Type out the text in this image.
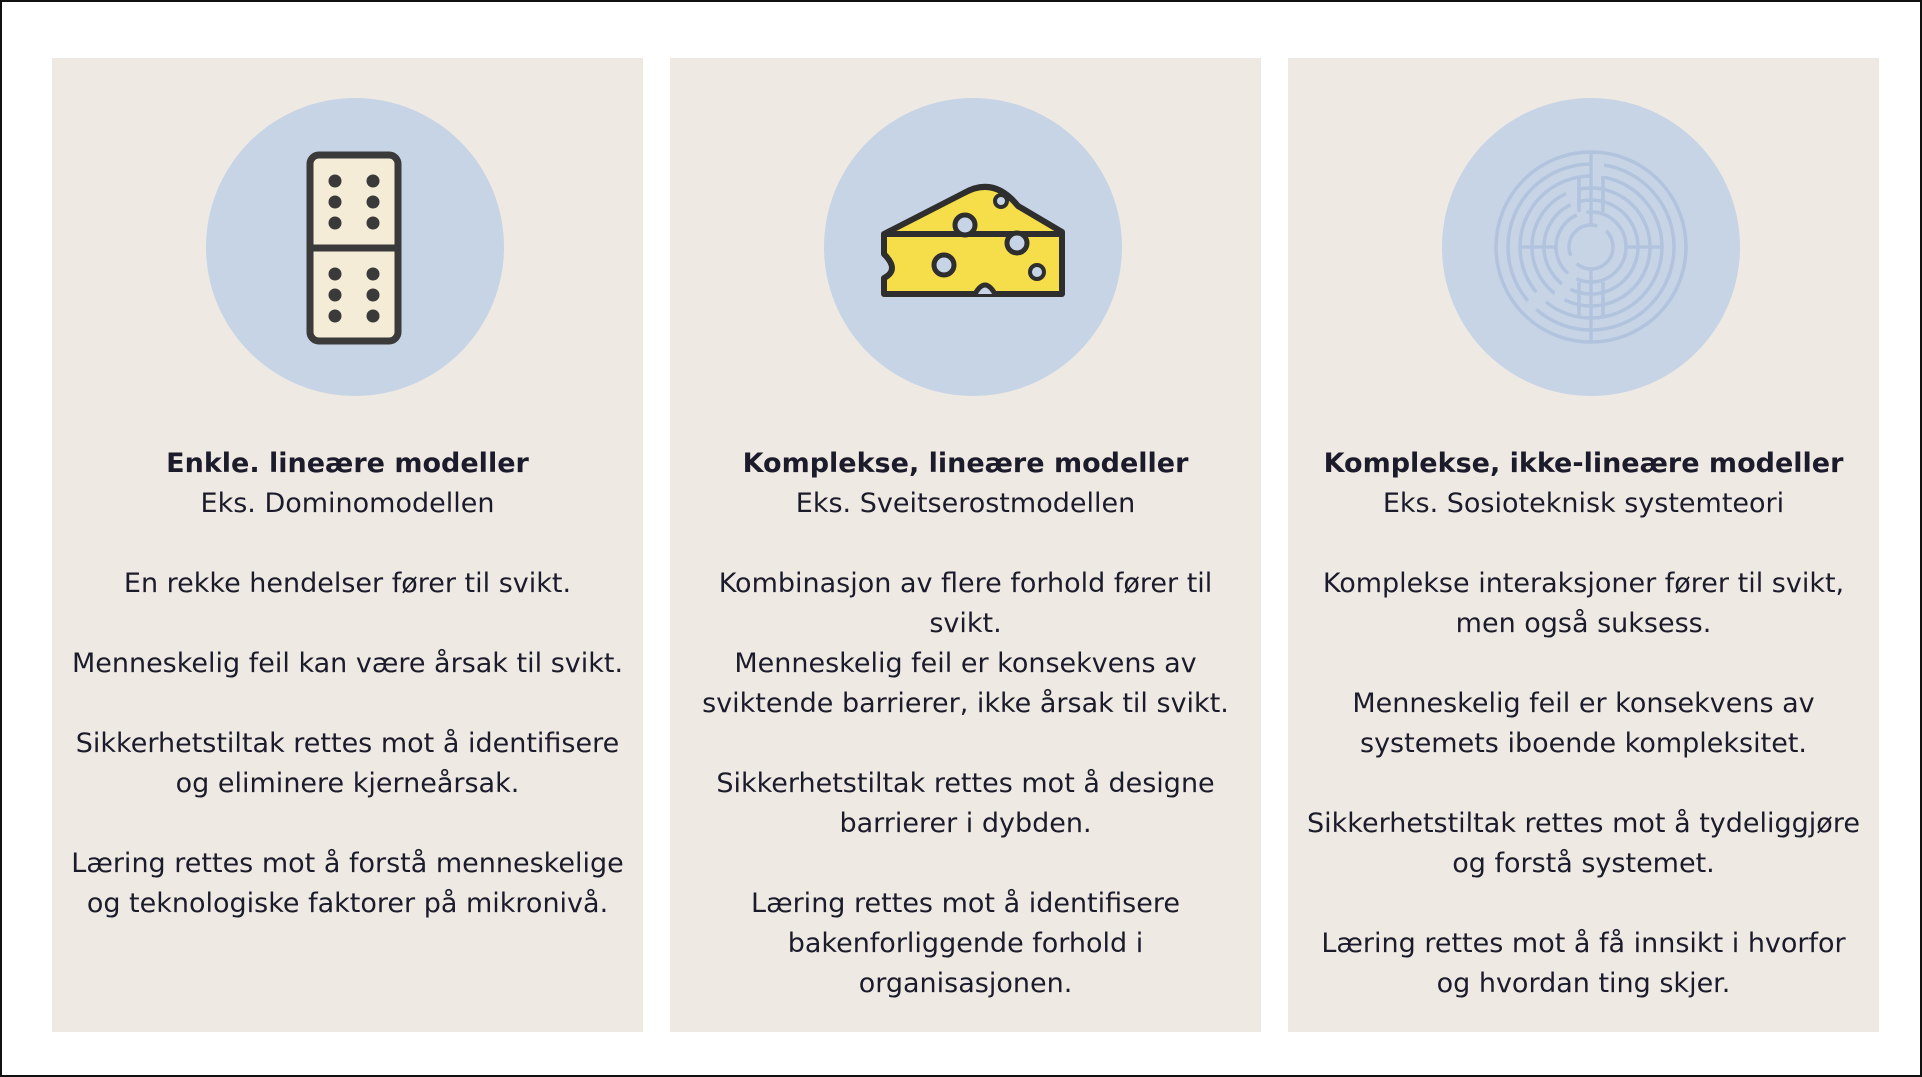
Enkle. lineære modeller
Eks. Dominomodellen
En rekke hendelser fører til svikt.
Menneskelig feil kan være årsak til svikt.
Sikkerhetstiltak rettes mot å identifisere og eliminere kjerneårsak.
Læring rettes mot å forstå menneskelige og teknologiske faktorer på mikronivå.
Komplekse, lineære modeller
Eks. Sveitserostmodellen
Kombinasjon av flere forhold fører til svikt.
Menneskelig feil er konsekvens av sviktende barrierer, ikke årsak til svikt.
Sikkerhetstiltak rettes mot å designe barrierer i dybden.
Læring rettes mot å identifisere bakenforliggende forhold i organisasjonen.
Komplekse, ikke-lineære modeller
Eks. Sosioteknisk systemteori
Komplekse interaksjoner fører til svikt, men også suksess.
Menneskelig feil er konsekvens av systemets iboende kompleksitet.
Sikkerhetstiltak rettes mot å tydeliggjøre og forstå systemet.
Læring rettes mot å få innsikt i hvorfor og hvordan ting skjer.
